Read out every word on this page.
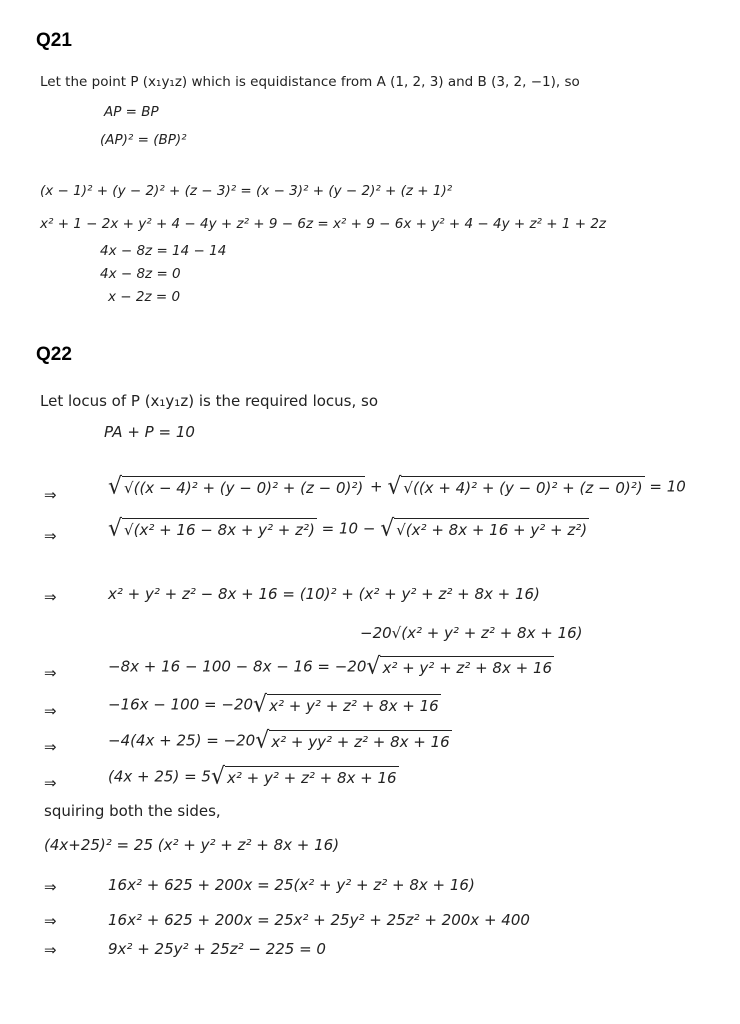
Q21
Let the point P (x₁y₁z) which is equidistance from A (1, 2, 3) and B (3, 2, −1), so
AP = BP
(AP)² = (BP)²
(x − 1)² + (y − 2)² + (z − 3)² = (x − 3)² + (y − 2)² + (z + 1)²
x² + 1 − 2x + y² + 4 − 4y + z² + 9 − 6z = x² + 9 − 6x + y² + 4 − 4y + z² + 1 + 2z
4x − 8z = 14 − 14
4x − 8z = 0
x − 2z = 0
Q22
Let locus of P (x₁y₁z) is the required locus, so
PA + P = 10
⇒ √ √((x − 4)² + (y − 0)² + (z − 0)²) + √ √((x + 4)² + (y − 0)² + (z − 0)²) = 10
⇒ √ √(x² + 16 − 8x + y² + z²) = 10 − √ √(x² + 8x + 16 + y² + z²)
⇒	x² + y² + z² − 8x + 16 = (10)² + (x² + y² + z² + 8x + 16)
−20√(x² + y² + z² + 8x + 16)
⇒	−8x + 16 − 100 − 8x − 16 = −20 √ x² + y² + z² + 8x + 16
⇒	−16x − 100 = −20 √ x² + y² + z² + 8x + 16
⇒	−4(4x + 25) = −20 √ x² + yy² + z² + 8x + 16
⇒	(4x + 25) = 5 √ x² + y² + z² + 8x + 16
squiring both the sides,
(4x+25)² = 25 (x² + y² + z² + 8x + 16)
⇒	16x² + 625 + 200x = 25(x² + y² + z² + 8x + 16)
⇒	16x² + 625 + 200x = 25x² + 25y² + 25z² + 200x + 400
⇒	9x² + 25y² + 25z² − 225 = 0
